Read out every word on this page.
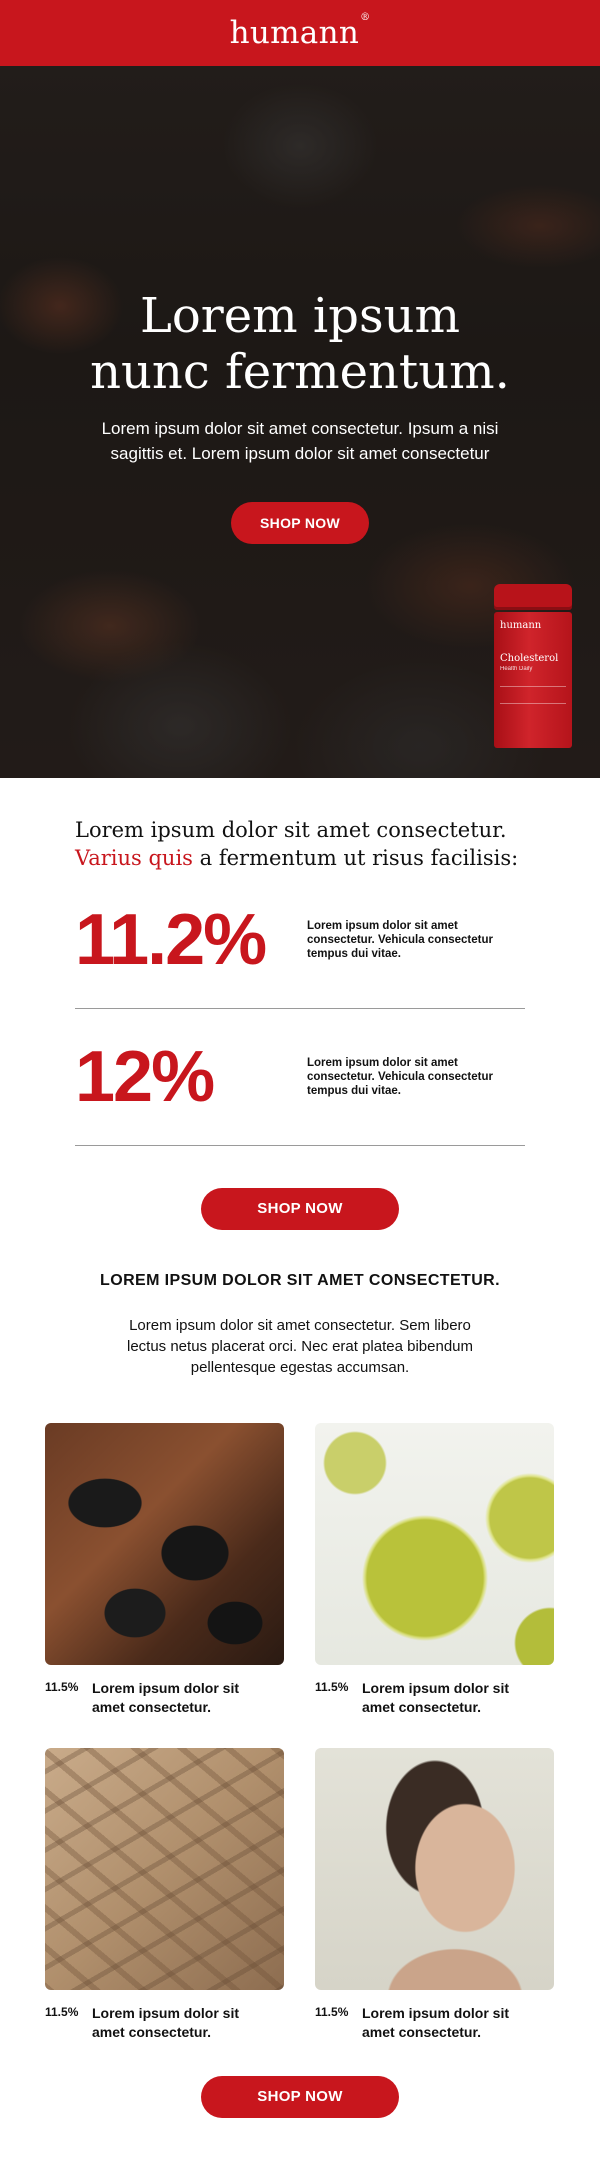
humann®
Lorem ipsum nunc fermentum.

Lorem ipsum dolor sit amet consectetur. Ipsum a nisi sagittis et. Lorem ipsum dolor sit amet consectetur

SHOP NOW
humann
Cholesterol
Health Daily

Lorem ipsum dolor sit amet consectetur.
Varius quis a fermentum ut risus facilisis:

11.2%	Lorem ipsum dolor sit amet consectetur. Vehicula consectetur tempus dui vitae.
12%	Lorem ipsum dolor sit amet consectetur. Vehicula consectetur tempus dui vitae.
SHOP NOW
LOREM IPSUM DOLOR SIT AMET CONSECTETUR.

Lorem ipsum dolor sit amet consectetur. Sem libero lectus netus placerat orci. Nec erat platea bibendum pellentesque egestas accumsan.

11.5% Lorem ipsum dolor sit amet consectetur.
11.5% Lorem ipsum dolor sit amet consectetur.
11.5% Lorem ipsum dolor sit amet consectetur.
11.5% Lorem ipsum dolor sit amet consectetur.
SHOP NOW
